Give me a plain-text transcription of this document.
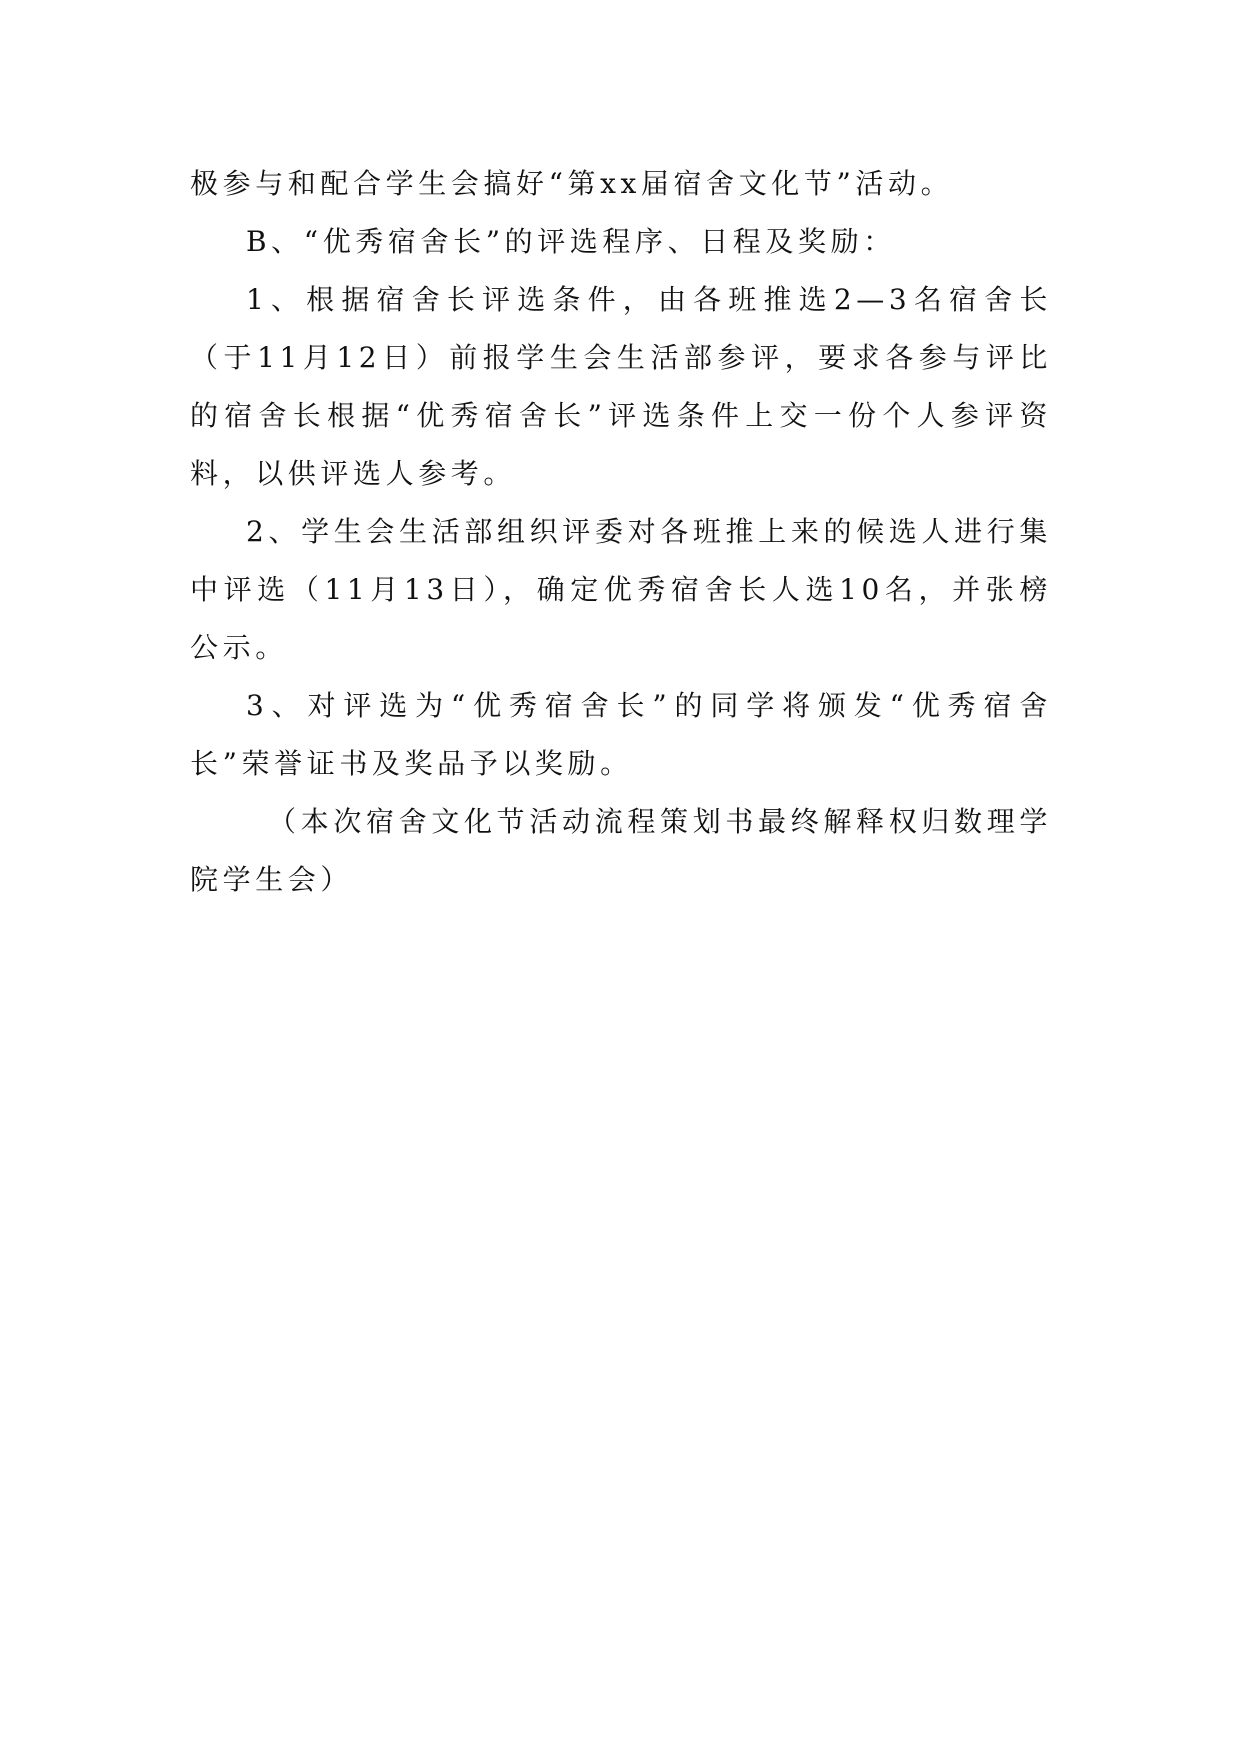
极参与和配合学生会搞好“第xx届宿舍文化节”活动。

B、“优秀宿舍长”的评选程序、日程及奖励：

1、根据宿舍长评选条件，由各班推选2—3名宿舍长（于11月12日）前报学生会生活部参评，要求各参与评比的宿舍长根据“优秀宿舍长”评选条件上交一份个人参评资料，以供评选人参考。

2、学生会生活部组织评委对各班推上来的候选人进行集中评选（11月13日），确定优秀宿舍长人选10名，并张榜公示。

3、对评选为“优秀宿舍长”的同学将颁发“优秀宿舍长”荣誉证书及奖品予以奖励。

（本次宿舍文化节活动流程策划书最终解释权归数理学院学生会）
